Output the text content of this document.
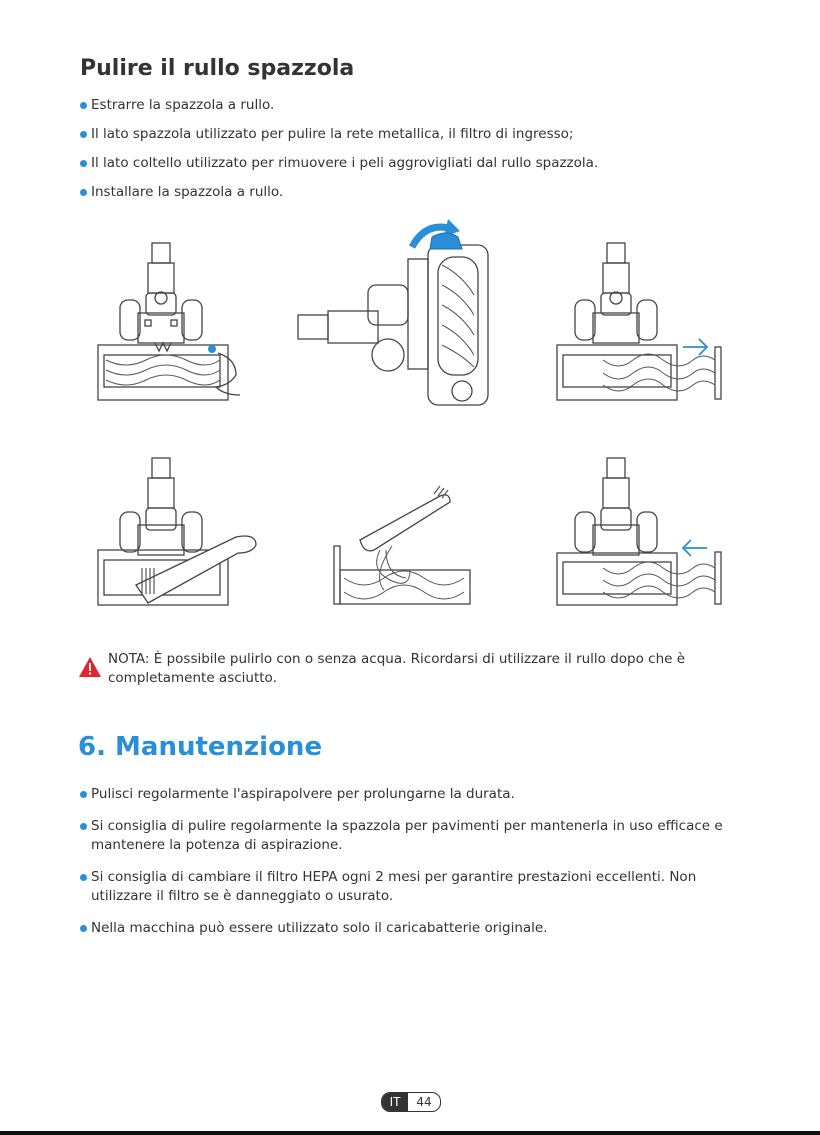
Pulire il rullo spazzola
Estrarre la spazzola a rullo.
Il lato spazzola utilizzato per pulire la rete metallica, il filtro di ingresso;
Il lato coltello utilizzato per rimuovere i peli aggrovigliati dal rullo spazzola.
Installare la spazzola a rullo.
NOTA: È possibile pulirlo con o senza acqua. Ricordarsi di utilizzare il rullo dopo che è completamente asciutto.
6. Manutenzione
Pulisci regolarmente l'aspirapolvere per prolungarne la durata.
Si consiglia di pulire regolarmente la spazzola per pavimenti per mantenerla in uso efficace e mantenere la potenza di aspirazione.
Si consiglia di cambiare il filtro HEPA ogni 2 mesi per garantire prestazioni eccellenti. Non utilizzare il filtro se è danneggiato o usurato.
Nella macchina può essere utilizzato solo il caricabatterie originale.
IT	44
